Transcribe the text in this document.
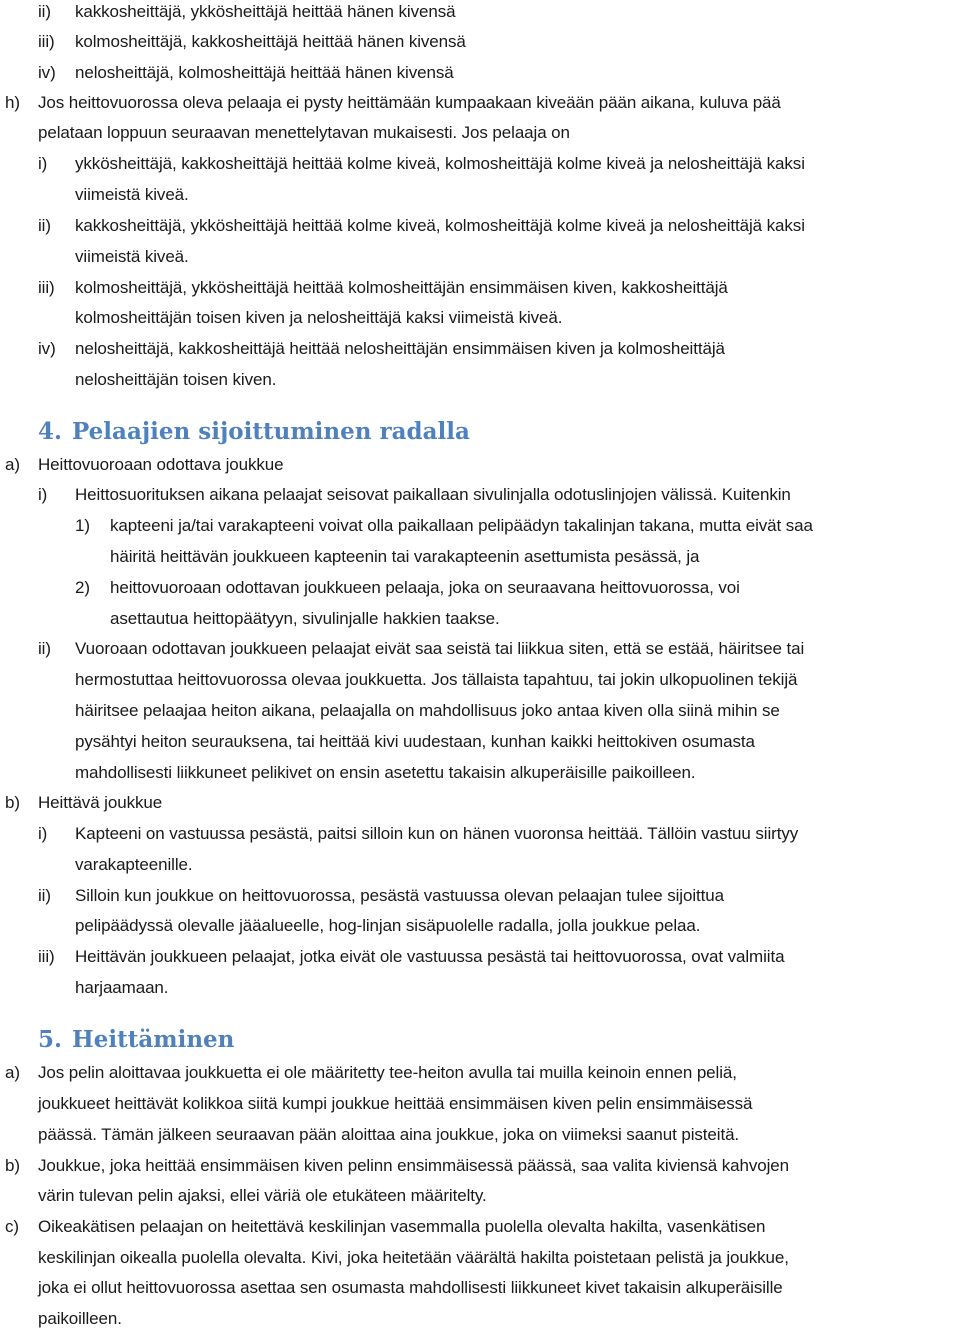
ii) kakkosheittäjä, ykkösheittäjä heittää hänen kivensä
iii) kolmosheittäjä, kakkosheittäjä heittää hänen kivensä
iv) nelosheittäjä, kolmosheittäjä heittää hänen kivensä
h) Jos heittovuorossa oleva pelaaja ei pysty heittämään kumpaakaan kiveään pään aikana, kuluva pää
pelataan loppuun seuraavan menettelytavan mukaisesti. Jos pelaaja on
i) ykkösheittäjä, kakkosheittäjä heittää kolme kiveä, kolmosheittäjä kolme kiveä ja nelosheittäjä kaksi
viimeistä kiveä.
ii) kakkosheittäjä, ykkösheittäjä heittää kolme kiveä, kolmosheittäjä kolme kiveä ja nelosheittäjä kaksi
viimeistä kiveä.
iii) kolmosheittäjä, ykkösheittäjä heittää kolmosheittäjän ensimmäisen kiven, kakkosheittäjä
kolmosheittäjän toisen kiven ja nelosheittäjä kaksi viimeistä kiveä.
iv) nelosheittäjä, kakkosheittäjä heittää nelosheittäjän ensimmäisen kiven ja kolmosheittäjä
nelosheittäjän toisen kiven.
4. Pelaajien sijoittuminen radalla
a) Heittovuoroaan odottava joukkue
i) Heittosuorituksen aikana pelaajat seisovat paikallaan sivulinjalla odotuslinjojen välissä. Kuitenkin
1) kapteeni ja/tai varakapteeni voivat olla paikallaan pelipäädyn takalinjan takana, mutta eivät saa
häiritä heittävän joukkueen kapteenin tai varakapteenin asettumista pesässä, ja
2) heittovuoroaan odottavan joukkueen pelaaja, joka on seuraavana heittovuorossa, voi
asettautua heittopäätyyn, sivulinjalle hakkien taakse.
ii) Vuoroaan odottavan joukkueen pelaajat eivät saa seistä tai liikkua siten, että se estää, häiritsee tai
hermostuttaa heittovuorossa olevaa joukkuetta. Jos tällaista tapahtuu, tai jokin ulkopuolinen tekijä
häiritsee pelaajaa heiton aikana, pelaajalla on mahdollisuus joko antaa kiven olla siinä mihin se
pysähtyi heiton seurauksena, tai heittää kivi uudestaan, kunhan kaikki heittokiven osumasta
mahdollisesti liikkuneet pelikivet on ensin asetettu takaisin alkuperäisille paikoilleen.
b) Heittävä joukkue
i) Kapteeni on vastuussa pesästä, paitsi silloin kun on hänen vuoronsa heittää. Tällöin vastuu siirtyy
varakapteenille.
ii) Silloin kun joukkue on heittovuorossa, pesästä vastuussa olevan pelaajan tulee sijoittua
pelipäädyssä olevalle jääalueelle, hog-linjan sisäpuolelle radalla, jolla joukkue pelaa.
iii) Heittävän joukkueen pelaajat, jotka eivät ole vastuussa pesästä tai heittovuorossa, ovat valmiita
harjaamaan.
5. Heittäminen
a) Jos pelin aloittavaa joukkuetta ei ole määritetty tee-heiton avulla tai muilla keinoin ennen peliä,
joukkueet heittävät kolikkoa siitä kumpi joukkue heittää ensimmäisen kiven pelin ensimmäisessä
päässä. Tämän jälkeen seuraavan pään aloittaa aina joukkue, joka on viimeksi saanut pisteitä.
b) Joukkue, joka heittää ensimmäisen kiven pelinn ensimmäisessä päässä, saa valita kiviensä kahvojen
värin tulevan pelin ajaksi, ellei väriä ole etukäteen määritelty.
c) Oikeakätisen pelaajan on heitettävä keskilinjan vasemmalla puolella olevalta hakilta, vasenkätisen
keskilinjan oikealla puolella olevalta. Kivi, joka heitetään väärältä hakilta poistetaan pelistä ja joukkue,
joka ei ollut heittovuorossa asettaa sen osumasta mahdollisesti liikkuneet kivet takaisin alkuperäisille
paikoilleen.
